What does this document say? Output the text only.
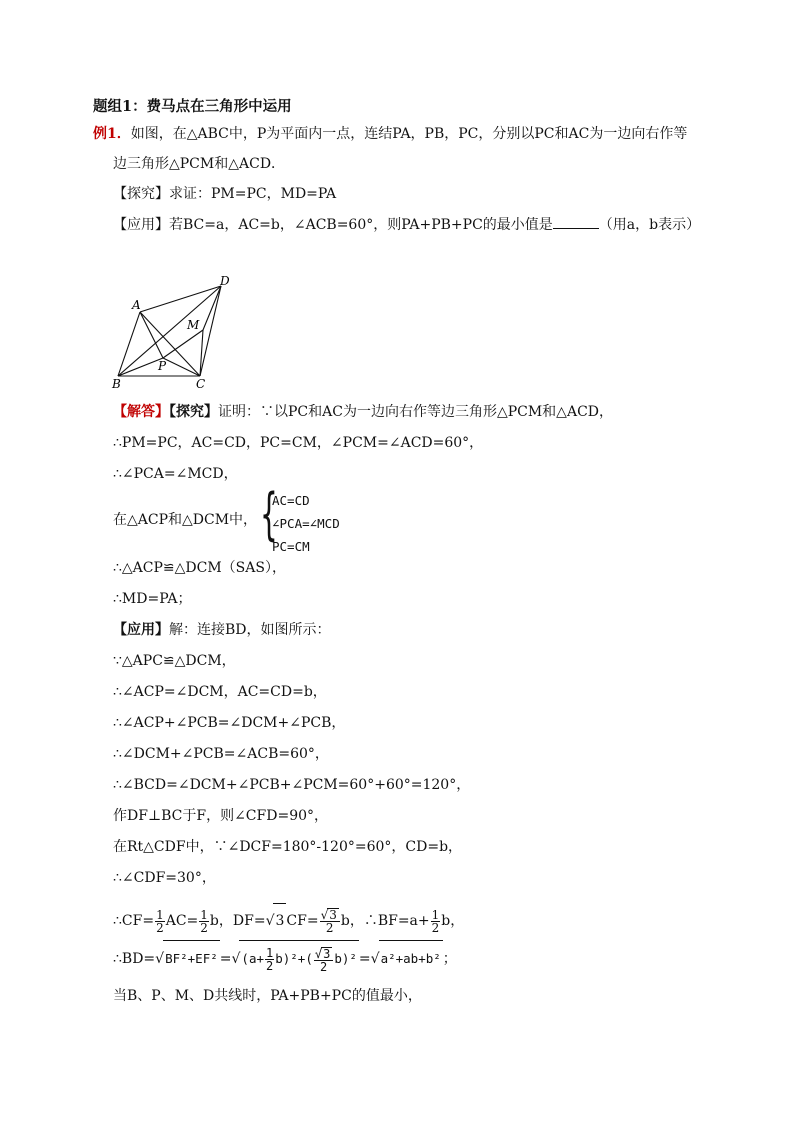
题组1：费马点在三角形中运用
例1．如图，在△ABC中，P为平面内一点，连结PA，PB，PC，分别以PC和AC为一边向右作等
边三角形△PCM和△ACD．
【探究】求证：PM=PC，MD=PA
【应用】若BC=a，AC=b，∠ACB=60°，则PA+PB+PC的最小值是	（用a，b表示）
A
D
M
P
B	C
【解答】【探究】证明：∵以PC和AC为一边向右作等边三角形△PCM和△ACD，
∴PM=PC，AC=CD，PC=CM，∠PCM=∠ACD=60°，
∴∠PCA=∠MCD，
在△ACP和△DCM中， {
AC=CD
∠PCA=∠MCD
PC=CM
∴△ACP≌△DCM（SAS），
∴MD=PA；
【应用】解：连接BD，如图所示：
∵△APC≌△DCM，
∴∠ACP=∠DCM，AC=CD=b，
∴∠ACP+∠PCB=∠DCM+∠PCB，
∴∠DCM+∠PCB=∠ACB=60°，
∴∠BCD=∠DCM+∠PCB+∠PCM=60°+60°=120°，
作DF⊥BC于F，则∠CFD=90°，
在Rt△CDF中，∵∠DCF=180°-120°=60°，CD=b，
∴∠CDF=30°，
∴CF= $\frac{1}{2} AC= \frac{1}{2}$ b，DF=√3 $CF= \frac{√3}{2}$ b，∴BF=a+ $\frac{1}{2}$ b，
∴BD=√BF²+EF² $=√(a+ \frac{1}{2} b)^2+( \frac{√3}{2} b)^2 =√a^2+ab+b^2$ ；
当B、P、M、D共线时，PA+PB+PC的值最小，
